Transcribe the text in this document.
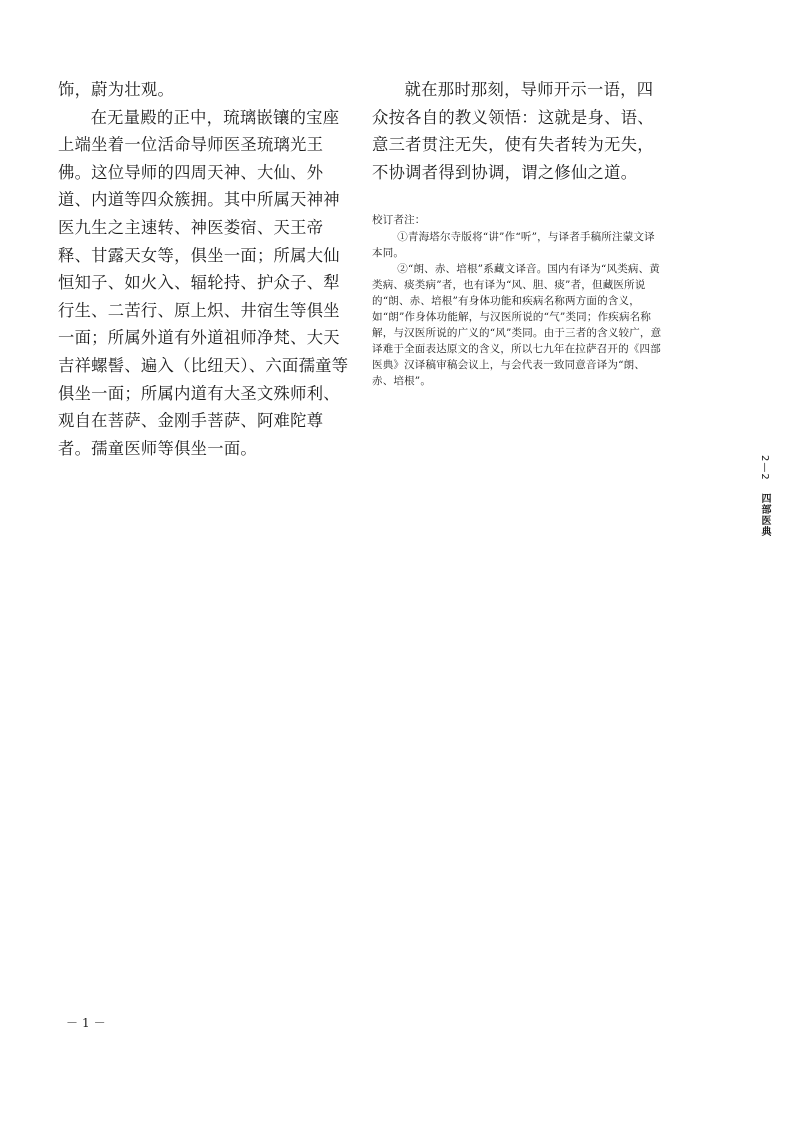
饰，蔚为壮观。

在无量殿的正中，琉璃嵌镶的宝座上端坐着一位活命导师医圣琉璃光王佛。这位导师的四周天神、大仙、外道、内道等四众簇拥。其中所属天神神医九生之主速转、神医娄宿、天王帝释、甘露天女等，俱坐一面；所属大仙恒知子、如火入、辐轮持、护众子、犁行生、二苦行、原上炽、井宿生等俱坐一面；所属外道有外道祖师净梵、大天吉祥螺髻、遍入（比纽天）、六面孺童等俱坐一面；所属内道有大圣文殊师利、观自在菩萨、金刚手菩萨、阿难陀尊者。孺童医师等俱坐一面。

就在那时那刻，导师开示一语，四众按各自的教义领悟：这就是身、语、意三者贯注无失，使有失者转为无失，不协调者得到协调，谓之修仙之道。

校订者注：

①青海塔尔寺版将“讲”作“听”，与译者手稿所注蒙文译本同。

②“朗、赤、培根”系藏文译音。国内有译为“风类病、黄类病、痰类病”者，也有译为“风、胆、痰”者，但藏医所说的“朗、赤、培根”有身体功能和疾病名称两方面的含义，如“朗”作身体功能解，与汉医所说的“气”类同；作疾病名称解，与汉医所说的广义的“风”类同。由于三者的含义较广，意译难于全面表达原文的含义，所以七九年在拉萨召开的《四部医典》汉译稿审稿会议上，与会代表一致同意音译为“朗、赤、培根”。

2—2 四部医典
－1－
